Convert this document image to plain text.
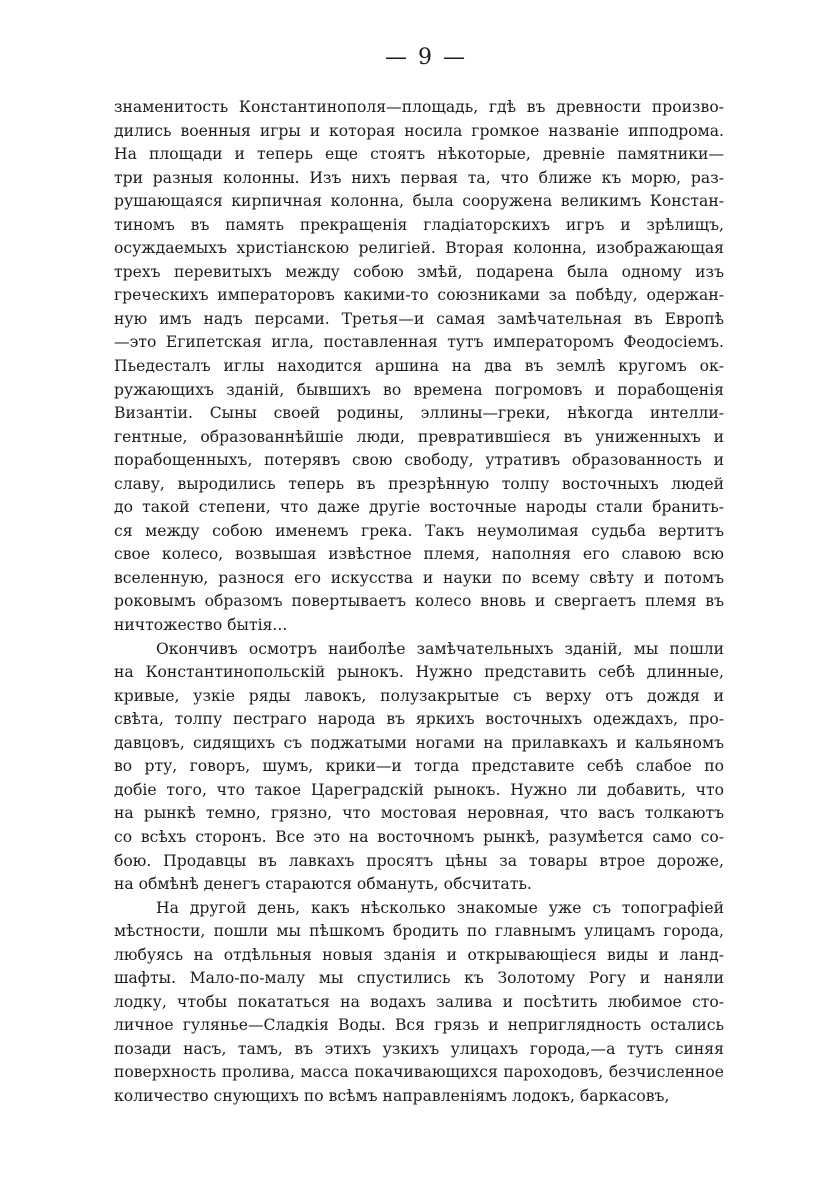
— 9 —
знаменитость Константинополя—площадь, гдѣ въ древности произво-
дились военныя игры и которая носила громкое названіе ипподрома.
На площади и теперь еще стоятъ нѣкоторые, древніе памятники—
три разныя колонны. Изъ нихъ первая та, что ближе къ морю, раз-
рушающаяся кирпичная колонна, была сооружена великимъ Констан-
тиномъ въ память прекращенія гладіаторскихъ игръ и зрѣлищъ,
осуждаемыхъ христіанскою религіей. Вторая колонна, изображающая
трехъ перевитыхъ между собою змѣй, подарена была одному изъ
греческихъ императоровъ какими-то союзниками за побѣду, одержан-
ную имъ надъ персами. Третья—и самая замѣчательная въ Европѣ
—это Египетская игла, поставленная тутъ императоромъ Феодосіемъ.
Пьедесталъ иглы находится аршина на два въ землѣ кругомъ ок-
ружающихъ зданій, бывшихъ во времена погромовъ и порабощенія
Византіи. Сыны своей родины, эллины—греки, нѣкогда интелли-
гентные, образованнѣйшіе люди, превратившіеся въ униженныхъ и
порабощенныхъ, потерявъ свою свободу, утративъ образованность и
славу, выродились теперь въ презрѣнную толпу восточныхъ людей
до такой степени, что даже другіе восточные народы стали бранить-
ся между собою именемъ грека. Такъ неумолимая судьба вертитъ
свое колесо, возвышая извѣстное племя, наполняя его славою всю
вселенную, разнося его искусства и науки по всему свѣту и потомъ
роковымъ образомъ повертываетъ колесо вновь и свергаетъ племя въ
ничтожество бытія...
Окончивъ осмотръ наиболѣе замѣчательныхъ зданій, мы пошли
на Константинопольскій рынокъ. Нужно представить себѣ длинные,
кривые, узкіе ряды лавокъ, полузакрытые съ верху отъ дождя и
свѣта, толпу пестраго народа въ яркихъ восточныхъ одеждахъ, про-
давцовъ, сидящихъ съ поджатыми ногами на прилавкахъ и кальяномъ
во рту, говоръ, шумъ, крики—и тогда представите себѣ слабое по
добіе того, что такое Цареградскій рынокъ. Нужно ли добавить, что
на рынкѣ темно, грязно, что мостовая неровная, что васъ толкаютъ
со всѣхъ сторонъ. Все это на восточномъ рынкѣ, разумѣется само со-
бою. Продавцы въ лавкахъ просятъ цѣны за товары втрое дороже,
на обмѣнѣ денегъ стараются обмануть, обсчитать.
На другой день, какъ нѣсколько знакомые уже съ топографіей
мѣстности, пошли мы пѣшкомъ бродить по главнымъ улицамъ города,
любуясь на отдѣльныя новыя зданія и открывающіеся виды и ланд-
шафты. Мало-по-малу мы спустились къ Золотому Рогу и наняли
лодку, чтобы покататься на водахъ залива и посѣтить любимое сто-
личное гулянье—Сладкія Воды. Вся грязь и неприглядность остались
позади насъ, тамъ, въ этихъ узкихъ улицахъ города,—а тутъ синяя
поверхность пролива, масса покачивающихся пароходовъ, безчисленное
количество снующихъ по всѣмъ направленіямъ лодокъ, баркасовъ,
